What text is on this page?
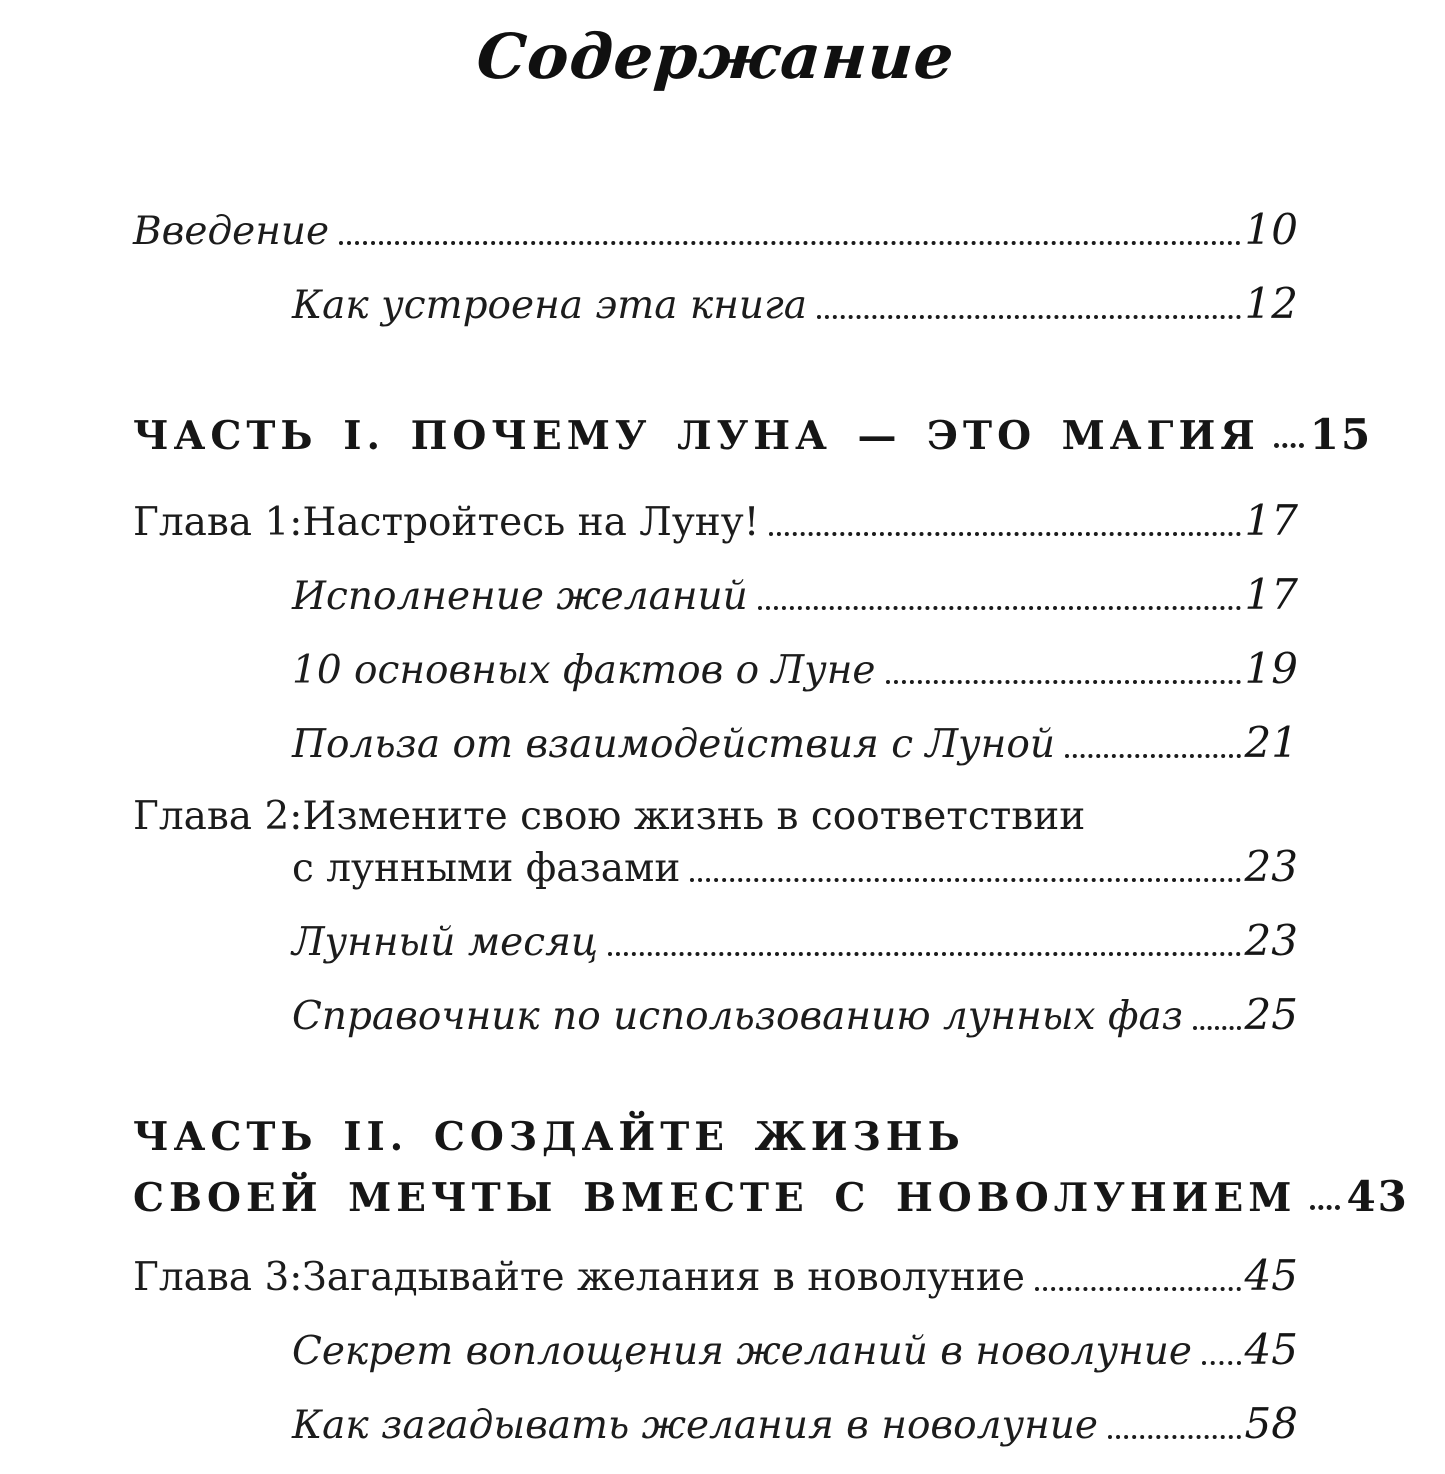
Содержание
Введение	10
Как устроена эта книга	12
ЧАСТЬ I. ПОЧЕМУ ЛУНА — ЭТО МАГИЯ 15
Глава 1: Настройтесь на Луну!	17
Исполнение желаний	17
10 основных фактов о Луне	19
Польза от взаимодействия с Луной	21
Глава 2: Измените свою жизнь в соответствии
с лунными фазами	23
Лунный месяц	23
Справочник по использованию лунных фаз 25
ЧАСТЬ II. СОЗДАЙТЕ ЖИЗНЬ
СВОЕЙ МЕЧТЫ ВМЕСТЕ С НОВОЛУНИЕМ 43
Глава 3: Загадывайте желания в новолуние	45
Секрет воплощения желаний в новолуние 45
Как загадывать желания в новолуние	58
